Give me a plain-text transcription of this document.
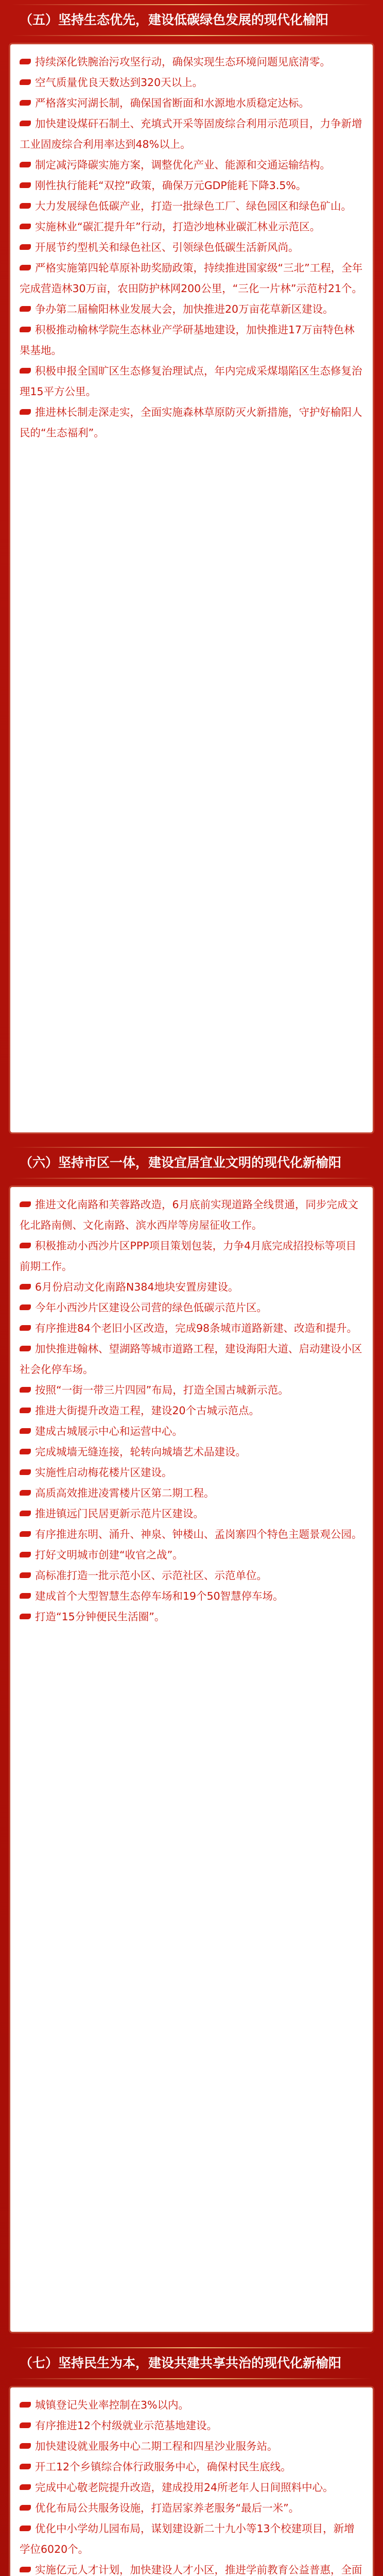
（五）坚持生态优先，建设低碳绿色发展的现代化榆阳

持续深化铁腕治污攻坚行动，确保实现生态环境问题见底清零。

空气质量优良天数达到320天以上。

严格落实河湖长制，确保国省断面和水源地水质稳定达标。

加快建设煤矸石制土、充填式开采等固废综合利用示范项目，力争新增工业固废综合利用率达到48%以上。

制定减污降碳实施方案，调整优化产业、能源和交通运输结构。

刚性执行能耗“双控”政策，确保万元GDP能耗下降3.5%。

大力发展绿色低碳产业，打造一批绿色工厂、绿色园区和绿色矿山。

实施林业“碳汇提升年”行动，打造沙地林业碳汇林业示范区。

开展节约型机关和绿色社区、引领绿色低碳生活新风尚。

严格实施第四轮草原补助奖励政策，持续推进国家级“三北”工程，全年完成营造林30万亩，农田防护林网200公里，“三化一片林”示范村21个。

争办第二届榆阳林业发展大会，加快推进20万亩花草新区建设。

积极推动榆林学院生态林业产学研基地建设，加快推进17万亩特色林果基地。

积极申报全国旷区生态修复治理试点，年内完成采煤塌陷区生态修复治理15平方公里。

推进林长制走深走实，全面实施森林草原防灭火新措施，守护好榆阳人民的“生态福利”。

（六）坚持市区一体，建设宜居宜业文明的现代化新榆阳

推进文化南路和芙蓉路改造，6月底前实现道路全线贯通，同步完成文化北路南侧、文化南路、滨水西岸等房屋征收工作。

积极推动小西沙片区PPP项目策划包装，力争4月底完成招投标等项目前期工作。

6月份启动文化南路N384地块安置房建设。

今年小西沙片区建设公司营的绿色低碳示范片区。

有序推进84个老旧小区改造，完成98条城市道路新建、改造和提升。

加快推进翰林、望湖路等城市道路工程，建设海阳大道、启动建设小区社会化停车场。

按照“一街一带三片四园”布局，打造全国古城新示范。

推进大街提升改造工程，建设20个古城示范点。

建成古城展示中心和运营中心。

完成城墙无缝连接，轮转向城墙艺术品建设。

实施性启动梅花楼片区建设。

高质高效推进凌霄楼片区第二期工程。

推进镇远门民居更新示范片区建设。

有序推进东明、涌升、神泉、钟楼山、孟岗寨四个特色主题景观公园。

打好文明城市创建“收官之战”。

高标准打造一批示范小区、示范社区、示范单位。

建成首个大型智慧生态停车场和19个50智慧停车场。

打造“15分钟便民生活圈”。

（七）坚持民生为本，建设共建共享共治的现代化新榆阳

城镇登记失业率控制在3%以内。

有序推进12个村级就业示范基地建设。

加快建设就业服务中心二期工程和四星沙业服务站。

开工12个乡镇综合体行政服务中心，确保村民生底线。

完成中心敬老院提升改造，建成投用24所老年人日间照料中心。

优化布局公共服务设施，打造居家养老服务“最后一米”。

优化中小学幼儿园布局，谋划建设新二十九小等13个校建项目，新增学位6020个。

实施亿元人才计划，加快建设人才小区，推进学前教育公益普惠，全面
